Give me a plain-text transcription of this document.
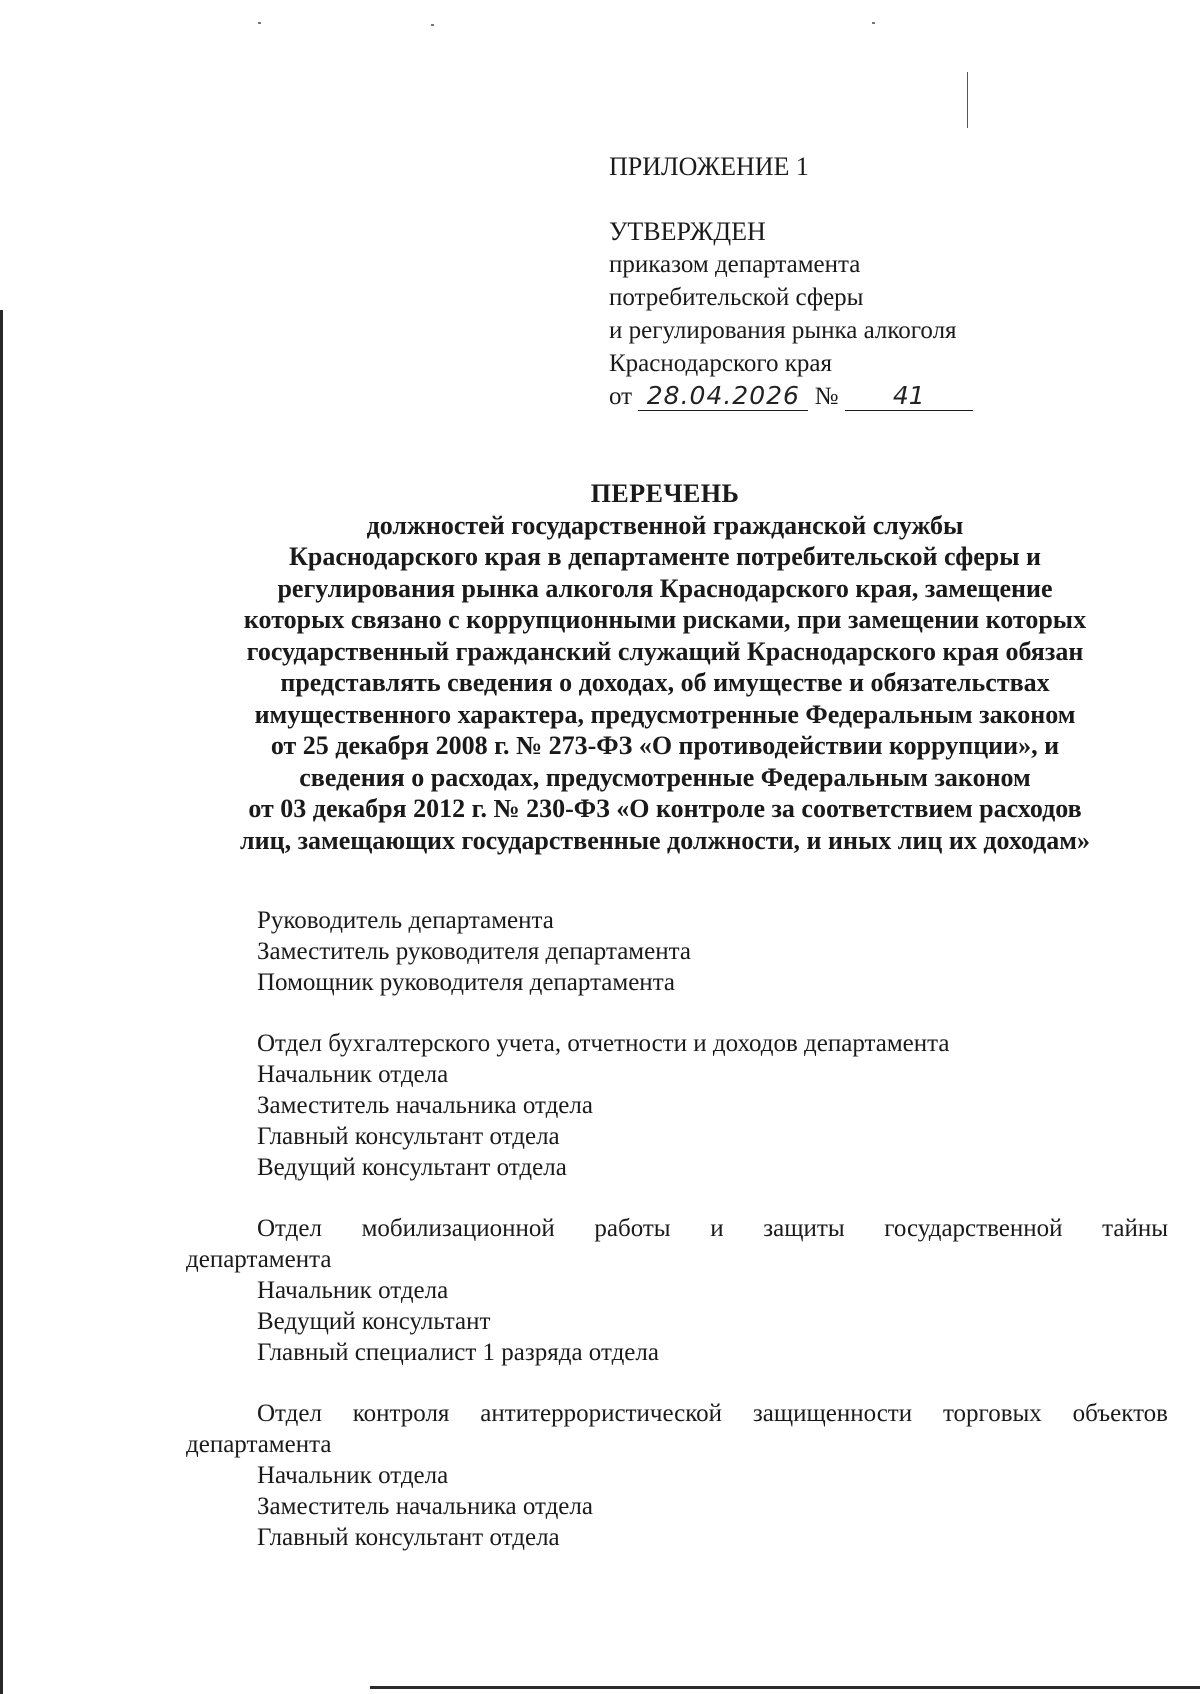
ПРИЛОЖЕНИЕ 1
УТВЕРЖДЕН
приказом департамента
потребительской сферы
и регулирования рынка алкоголя
Краснодарского края
от 28.04.2026 № 41
ПЕРЕЧЕНЬ
должностей государственной гражданской службы
Краснодарского края в департаменте потребительской сферы и
регулирования рынка алкоголя Краснодарского края, замещение
которых связано с коррупционными рисками, при замещении которых
государственный гражданский служащий Краснодарского края обязан
представлять сведения о доходах, об имуществе и обязательствах
имущественного характера, предусмотренные Федеральным законом
от 25 декабря 2008 г. № 273-ФЗ «О противодействии коррупции», и
сведения о расходах, предусмотренные Федеральным законом
от 03 декабря 2012 г. № 230-ФЗ «О контроле за соответствием расходов
лиц, замещающих государственные должности, и иных лиц их доходам»
Руководитель департамента
Заместитель руководителя департамента
Помощник руководителя департамента
Отдел бухгалтерского учета, отчетности и доходов департамента
Начальник отдела
Заместитель начальника отдела
Главный консультант отдела
Ведущий консультант отдела
Отдел мобилизационной работы и защиты государственной тайны
департамента
Начальник отдела
Ведущий консультант
Главный специалист 1 разряда отдела
Отдел контроля антитеррористической защищенности торговых объектов
департамента
Начальник отдела
Заместитель начальника отдела
Главный консультант отдела
